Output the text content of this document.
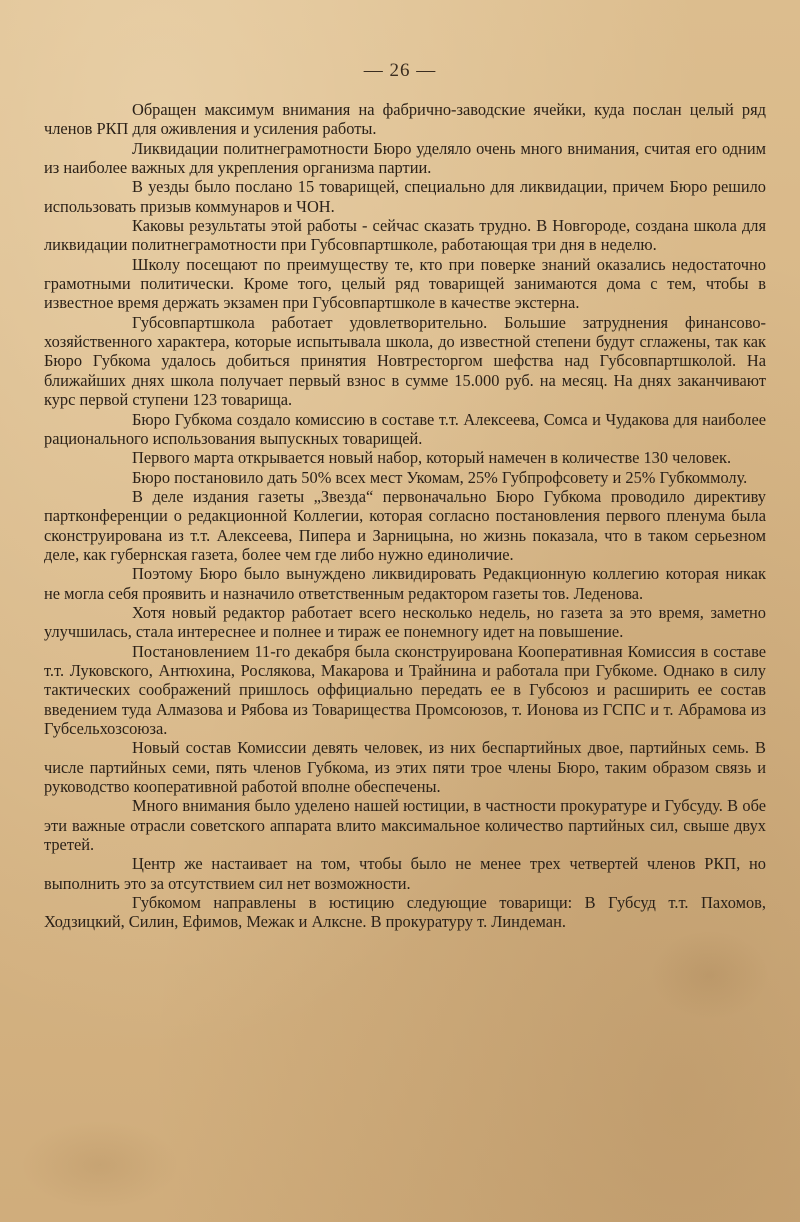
— 26 —

Обращен максимум внимания на фабрично-заводские ячейки, куда послан целый ряд членов РКП для оживления и усиления работы.

Ликвидации политнеграмотности Бюро уделяло очень много внимания, считая его одним из наиболее важных для укрепления организма партии.

В уезды было послано 15 товарищей, специально для ликвидации, причем Бюро решило использовать призыв коммунаров и ЧОН.

Каковы результаты этой работы - сейчас сказать трудно. В Новгороде, создана школа для ликвидации политнеграмотности при Губсовпартшколе, работающая три дня в неделю.

Школу посещают по преимуществу те, кто при поверке знаний оказались недостаточно грамотными политически. Кроме того, целый ряд товарищей занимаются дома с тем, чтобы в известное время держать экзамен при Губсовпартшколе в качестве экстерна.

Губсовпартшкола работает удовлетворительно. Большие затруднения финансово-хозяйственного характера, которые испытывала школа, до известной степени будут сглажены, так как Бюро Губкома удалось добиться принятия Новтресторгом шефства над Губсовпартшколой. На ближайших днях школа получает первый взнос в сумме 15.000 руб. на месяц. На днях заканчивают курс первой ступени 123 товарища.

Бюро Губкома создало комиссию в составе т.т. Алексеева, Сомса и Чудакова для наиболее рационального использования выпускных товарищей.

Первого марта открывается новый набор, который намечен в количестве 130 человек.

Бюро постановило дать 50% всех мест Укомам, 25% Губпрофсовету и 25% Губкоммолу.

В деле издания газеты „Звезда“ первоначально Бюро Губкома проводило директиву партконференции о редакционной Коллегии, которая согласно постановления первого пленума была сконструирована из т.т. Алексеева, Пипера и Зарницына, но жизнь показала, что в таком серьезном деле, как губернская газета, более чем где либо нужно единоличие.

Поэтому Бюро было вынуждено ликвидировать Редакционную коллегию которая никак не могла себя проявить и назначило ответственным редактором газеты тов. Леденова.

Хотя новый редактор работает всего несколько недель, но газета за это время, заметно улучшилась, стала интереснее и полнее и тираж ее понемногу идет на повышение.

Постановлением 11-го декабря была сконструирована Кооперативная Комиссия в составе т.т. Луковского, Антюхина, Рослякова, Макарова и Трайнина и работала при Губкоме. Однако в силу тактических соображений пришлось оффициально передать ее в Губсоюз и расширить ее состав введением туда Алмазова и Рябова из Товарищества Промсоюзов, т. Ионова из ГСПС и т. Абрамова из Губсельхозсоюза.

Новый состав Комиссии девять человек, из них беспартийных двое, партийных семь. В числе партийных семи, пять членов Губкома, из этих пяти трое члены Бюро, таким образом связь и руководство кооперативной работой вполне обеспечены.

Много внимания было уделено нашей юстиции, в частности прокуратуре и Губсуду. В обе эти важные отрасли советского аппарата влито максимальное количество партийных сил, свыше двух третей.

Центр же настаивает на том, чтобы было не менее трех четвертей членов РКП, но выполнить это за отсутствием сил нет возможности.

Губкомом направлены в юстицию следующие товарищи: В Губсуд т.т. Пахомов, Ходзицкий, Силин, Ефимов, Межак и Алксне. В прокуратуру т. Линдеман.
